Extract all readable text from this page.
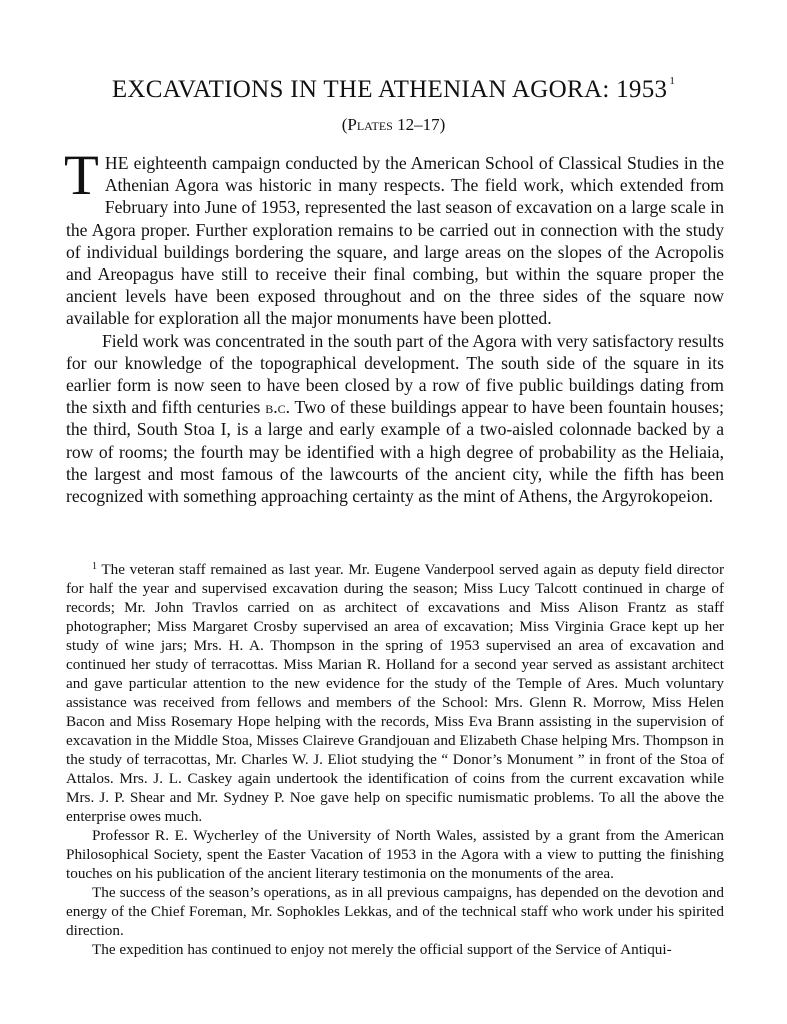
EXCAVATIONS IN THE ATHENIAN AGORA: 1953 $^1$
(Plates 12–17)

THE eighteenth campaign conducted by the American School of Classical Studies in the Athenian Agora was historic in many respects. The field work, which extended from February into June of 1953, represented the last season of excavation on a large scale in the Agora proper. Further exploration remains to be carried out in connection with the study of individual buildings bordering the square, and large areas on the slopes of the Acropolis and Areopagus have still to receive their final combing, but within the square proper the ancient levels have been exposed throughout and on the three sides of the square now available for exploration all the major monuments have been plotted.

Field work was concentrated in the south part of the Agora with very satisfactory results for our knowledge of the topographical development. The south side of the square in its earlier form is now seen to have been closed by a row of five public buildings dating from the sixth and fifth centuries b.c. Two of these buildings appear to have been fountain houses; the third, South Stoa I, is a large and early example of a two-aisled colonnade backed by a row of rooms; the fourth may be identified with a high degree of probability as the Heliaia, the largest and most famous of the lawcourts of the ancient city, while the fifth has been recognized with something approaching certainty as the mint of Athens, the Argyrokopeion.

$^1$ The veteran staff remained as last year. Mr. Eugene Vanderpool served again as deputy field director for half the year and supervised excavation during the season; Miss Lucy Talcott continued in charge of records; Mr. John Travlos carried on as architect of excavations and Miss Alison Frantz as staff photographer; Miss Margaret Crosby supervised an area of excavation; Miss Virginia Grace kept up her study of wine jars; Mrs. H. A. Thompson in the spring of 1953 supervised an area of excavation and continued her study of terracottas. Miss Marian R. Holland for a second year served as assistant architect and gave particular attention to the new evidence for the study of the Temple of Ares. Much voluntary assistance was received from fellows and members of the School: Mrs. Glenn R. Morrow, Miss Helen Bacon and Miss Rosemary Hope helping with the records, Miss Eva Brann assisting in the supervision of excavation in the Middle Stoa, Misses Claireve Grandjouan and Elizabeth Chase helping Mrs. Thompson in the study of terracottas, Mr. Charles W. J. Eliot studying the “ Donor’s Monument ” in front of the Stoa of Attalos. Mrs. J. L. Caskey again undertook the identification of coins from the current excavation while Mrs. J. P. Shear and Mr. Sydney P. Noe gave help on specific numismatic problems. To all the above the enterprise owes much.

Professor R. E. Wycherley of the University of North Wales, assisted by a grant from the American Philosophical Society, spent the Easter Vacation of 1953 in the Agora with a view to putting the finishing touches on his publication of the ancient literary testimonia on the monuments of the area.

The success of the season’s operations, as in all previous campaigns, has depended on the devotion and energy of the Chief Foreman, Mr. Sophokles Lekkas, and of the technical staff who work under his spirited direction.

The expedition has continued to enjoy not merely the official support of the Service of Antiqui-
